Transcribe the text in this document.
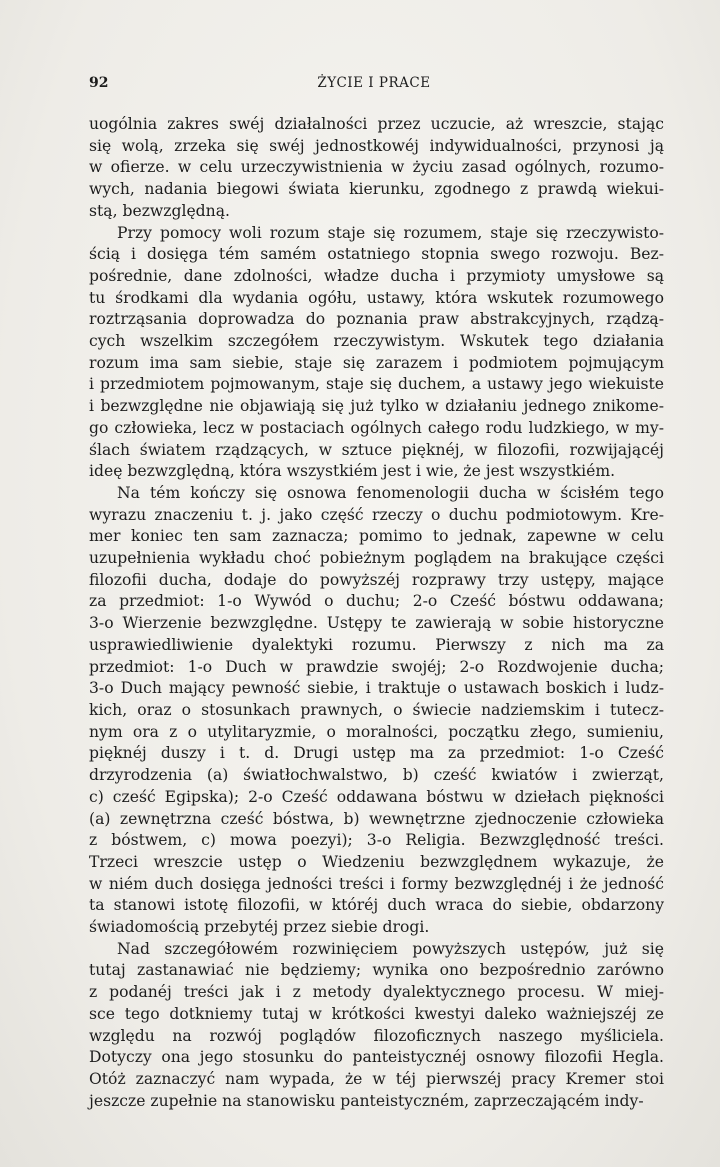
92	ŻYCIE I PRACE

uogólnia zakres swéj działalności przez uczucie, aż wreszcie, stając
się wolą, zrzeka się swéj jednostkowéj indywidualności, przynosi ją
w ofierze. w celu urzeczywistnienia w życiu zasad ogólnych, rozumo-
wych, nadania biegowi świata kierunku, zgodnego z prawdą wiekui-
stą, bezwzględną.

Przy pomocy woli rozum staje się rozumem, staje się rzeczywisto-
ścią i dosięga tém samém ostatniego stopnia swego rozwoju. Bez-
pośrednie, dane zdolności, władze ducha i przymioty umysłowe są
tu środkami dla wydania ogółu, ustawy, która wskutek rozumowego
roztrząsania doprowadza do poznania praw abstrakcyjnych, rządzą-
cych wszelkim szczegółem rzeczywistym. Wskutek tego działania
rozum ima sam siebie, staje się zarazem i podmiotem pojmującym
i przedmiotem pojmowanym, staje się duchem, a ustawy jego wiekuiste
i bezwzględne nie objawiają się już tylko w działaniu jednego znikome-
go człowieka, lecz w postaciach ogólnych całego rodu ludzkiego, w my-
ślach światem rządzących, w sztuce pięknéj, w filozofii, rozwijającéj
ideę bezwzględną, która wszystkiém jest i wie, że jest wszystkiém.

Na tém kończy się osnowa fenomenologii ducha w ścisłém tego
wyrazu znaczeniu t. j. jako część rzeczy o duchu podmiotowym. Kre-
mer koniec ten sam zaznacza; pomimo to jednak, zapewne w celu
uzupełnienia wykładu choć pobieżnym poglądem na brakujące części
filozofii ducha, dodaje do powyższéj rozprawy trzy ustępy, mające
za przedmiot: 1-o Wywód o duchu; 2-o Cześć bóstwu oddawana;
3-o Wierzenie bezwzględne. Ustępy te zawierają w sobie historyczne
usprawiedliwienie dyalektyki rozumu. Pierwszy z nich ma za
przedmiot: 1-o Duch w prawdzie swojéj; 2-o Rozdwojenie ducha;
3-o Duch mający pewność siebie, i traktuje o ustawach boskich i ludz-
kich, oraz o stosunkach prawnych, o świecie nadziemskim i tutecz-
nym ora z o utylitaryzmie, o moralności, początku złego, sumieniu,
pięknéj duszy i t. d. Drugi ustęp ma za przedmiot: 1-o Cześć
drzyrodzenia (a) światłochwalstwo, b) cześć kwiatów i zwierząt,
c) cześć Egipska); 2-o Cześć oddawana bóstwu w dziełach piękności
(a) zewnętrzna cześć bóstwa, b) wewnętrzne zjednoczenie człowieka
z bóstwem, c) mowa poezyi); 3-o Religia. Bezwzględność treści.
Trzeci wreszcie ustęp o Wiedzeniu bezwzględnem wykazuje, że
w niém duch dosięga jedności treści i formy bezwzględnéj i że jedność
ta stanowi istotę filozofii, w któréj duch wraca do siebie, obdarzony
świadomością przebytéj przez siebie drogi.

Nad szczegółowém rozwinięciem powyższych ustępów, już się
tutaj zastanawiać nie będziemy; wynika ono bezpośrednio zarówno
z podanéj treści jak i z metody dyalektycznego procesu. W miej-
sce tego dotkniemy tutaj w krótkości kwestyi daleko ważniejszéj ze
względu na rozwój poglądów filozoficznych naszego myśliciela.
Dotyczy ona jego stosunku do panteistycznéj osnowy filozofii Hegla.
Otóż zaznaczyć nam wypada, że w téj pierwszéj pracy Kremer stoi
jeszcze zupełnie na stanowisku panteistyczném, zaprzeczającém indy-
